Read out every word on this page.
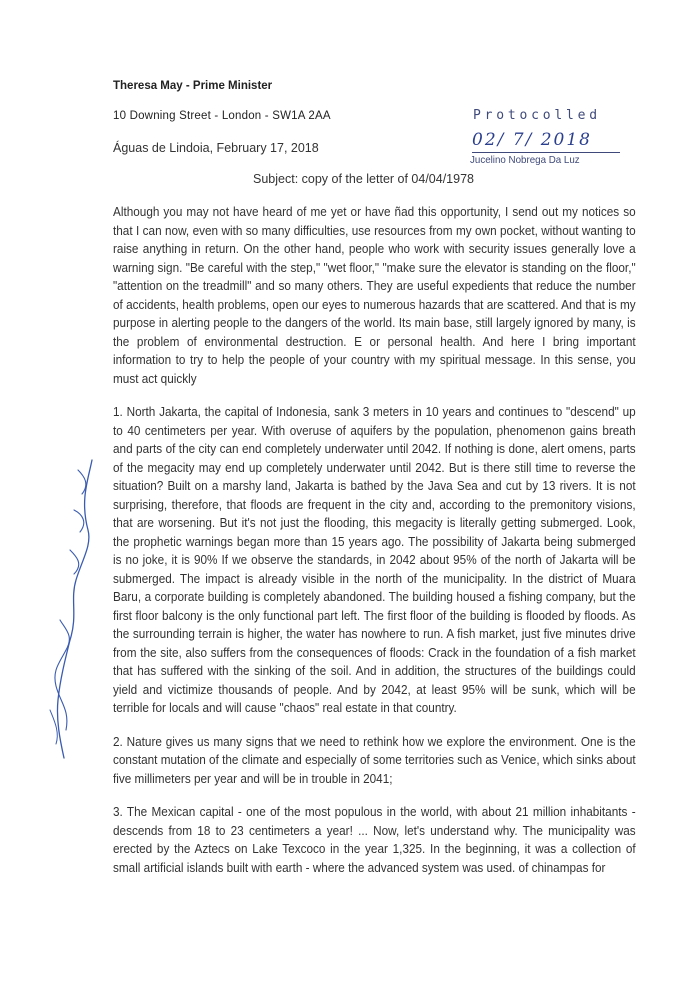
Theresa May - Prime Minister
10 Downing Street - London - SW1A 2AA
Águas de Lindoia, February 17, 2018
Protocolled
02/ 7/ 2018
Jucelino Nobrega Da Luz
Subject: copy of the letter of 04/04/1978

Although you may not have heard of me yet or have ñad this opportunity, I send out my notices so that I can now, even with so many difficulties, use resources from my own pocket, without wanting to raise anything in return. On the other hand, people who work with security issues generally love a warning sign. "Be careful with the step," "wet floor," "make sure the elevator is standing on the floor," "attention on the treadmill" and so many others. They are useful expedients that reduce the number of accidents, health problems, open our eyes to numerous hazards that are scattered. And that is my purpose in alerting people to the dangers of the world. Its main base, still largely ignored by many, is the problem of environmental destruction. E or personal health. And here I bring important information to try to help the people of your country with my spiritual message. In this sense, you must act quickly

1. North Jakarta, the capital of Indonesia, sank 3 meters in 10 years and continues to "descend" up to 40 centimeters per year. With overuse of aquifers by the population, phenomenon gains breath and parts of the city can end completely underwater until 2042. If nothing is done, alert omens, parts of the megacity may end up completely underwater until 2042. But is there still time to reverse the situation? Built on a marshy land, Jakarta is bathed by the Java Sea and cut by 13 rivers. It is not surprising, therefore, that floods are frequent in the city and, according to the premonitory visions, that are worsening. But it's not just the flooding, this megacity is literally getting submerged. Look, the prophetic warnings began more than 15 years ago. The possibility of Jakarta being submerged is no joke, it is 90% If we observe the standards, in 2042 about 95% of the north of Jakarta will be submerged. The impact is already visible in the north of the municipality. In the district of Muara Baru, a corporate building is completely abandoned. The building housed a fishing company, but the first floor balcony is the only functional part left. The first floor of the building is flooded by floods. As the surrounding terrain is higher, the water has nowhere to run. A fish market, just five minutes drive from the site, also suffers from the consequences of floods: Crack in the foundation of a fish market that has suffered with the sinking of the soil. And in addition, the structures of the buildings could yield and victimize thousands of people. And by 2042, at least 95% will be sunk, which will be terrible for locals and will cause "chaos" real estate in that country.

2. Nature gives us many signs that we need to rethink how we explore the environment. One is the constant mutation of the climate and especially of some territories such as Venice, which sinks about five millimeters per year and will be in trouble in 2041;

3. The Mexican capital - one of the most populous in the world, with about 21 million inhabitants - descends from 18 to 23 centimeters a year! ... Now, let's understand why. The municipality was erected by the Aztecs on Lake Texcoco in the year 1,325. In the beginning, it was a collection of small artificial islands built with earth - where the advanced system was used. of chinampas for
